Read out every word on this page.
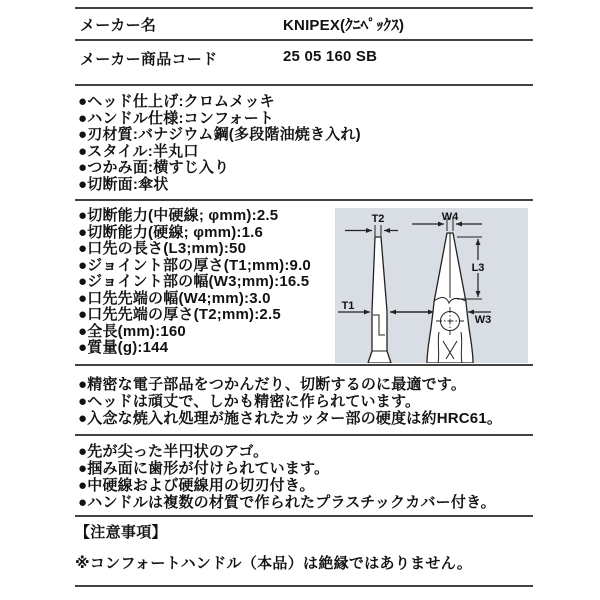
メーカー名	KNIPEX(ｸﾆﾍﾟｯｸｽ)
メーカー商品コード	25 05 160 SB
●ヘッド仕上げ:クロムメッキ
●ハンドル仕様:コンフォート
●刃材質:バナジウム鋼(多段階油焼き入れ)
●スタイル:半丸口
●つかみ面:横すじ入り
●切断面:傘状
●切断能力(中硬線; φmm):2.5
●切断能力(硬線; φmm):1.6
●口先の長さ(L3;mm):50
●ジョイント部の厚さ(T1;mm):9.0
●ジョイント部の幅(W3;mm):16.5
●口先先端の幅(W4;mm):3.0
●口先先端の厚さ(T2;mm):2.5
●全長(mm):160
●質量(g):144
T2
T1
W4
L3
W3
●精密な電子部品をつかんだり、切断するのに最適です。
●ヘッドは頑丈で、しかも精密に作られています。
●入念な焼入れ処理が施されたカッター部の硬度は約HRC61。
●先が尖った半円状のアゴ。
●掴み面に歯形が付けられています。
●中硬線および硬線用の切刃付き。
●ハンドルは複数の材質で作られたプラスチックカバー付き。
【注意事項】
※コンフォートハンドル（本品）は絶縁ではありません。
